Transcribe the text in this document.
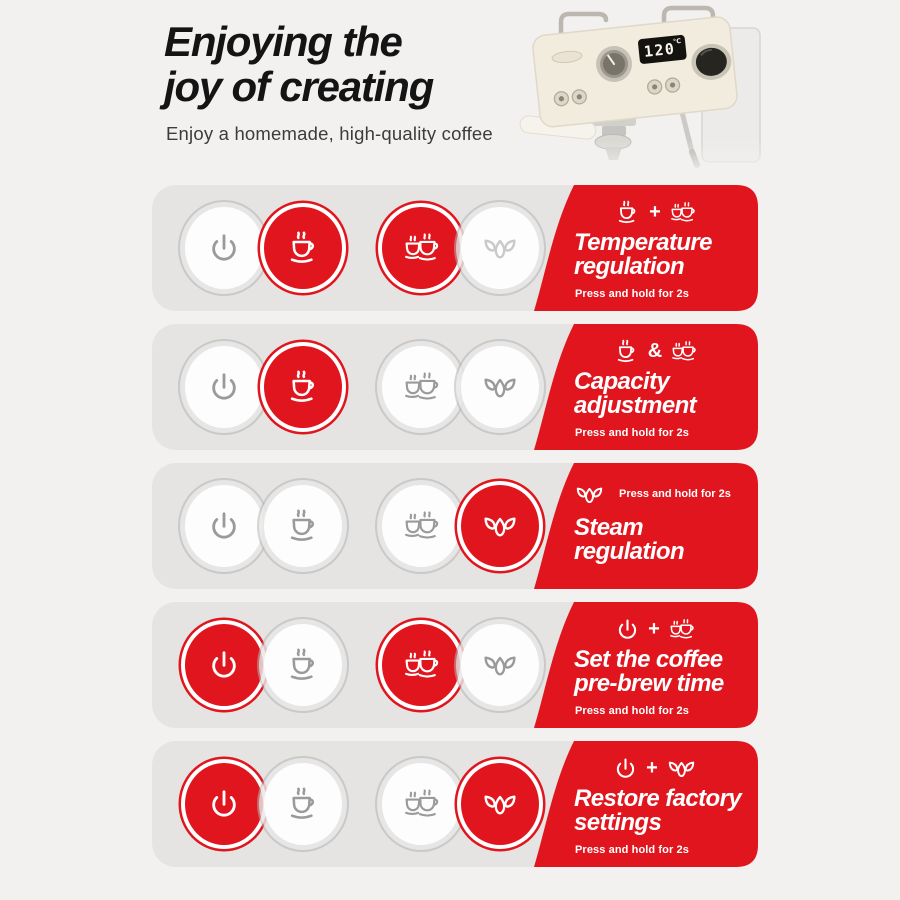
Enjoying the
joy of creating

Enjoy a homemade, high-quality coffee

120
°C
+
Temperature
regulation
Press and hold for 2s
&
Capacity
adjustment
Press and hold for 2s
Press and hold for 2s
Steam
regulation
+
Set the coffee
pre-brew time
Press and hold for 2s
+
Restore factory
settings
Press and hold for 2s
